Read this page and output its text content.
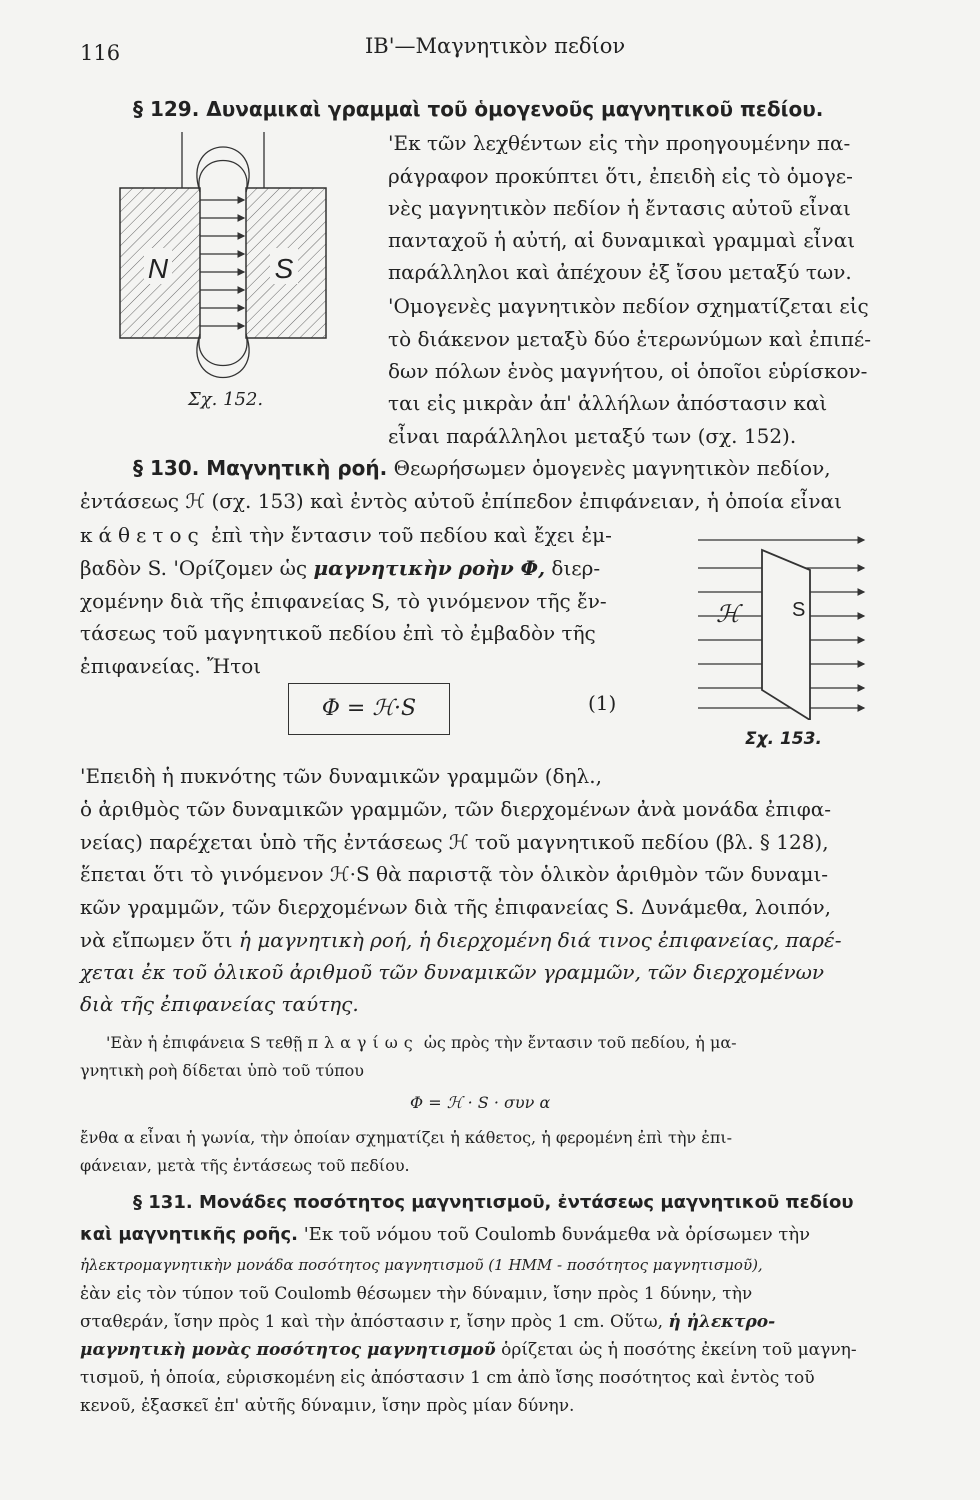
116	ΙΒ'—Μαγνητικὸν πεδίον
§ 129. Δυναμικαὶ γραμμαὶ τοῦ ὁμογενοῦς μαγνητικοῦ πεδίου.
'Εκ τῶν λεχθέντων εἰς τὴν προηγουμένην πα-
ράγραφον προκύπτει ὅτι, ἐπειδὴ εἰς τὸ ὁμογε-
νὲς μαγνητικὸν πεδίον ἡ ἔντασις αὐτοῦ εἶναι
πανταχοῦ ἡ αὐτή, αἱ δυναμικαὶ γραμμαὶ εἶναι
παράλληλοι καὶ ἀπέχουν ἐξ ἴσου μεταξύ των.
'Ομογενὲς μαγνητικὸν πεδίον σχηματίζεται εἰς
τὸ διάκενον μεταξὺ δύο ἑτερωνύμων καὶ ἐπιπέ-
δων πόλων ἑνὸς μαγνήτου, οἱ ὁποῖοι εὑρίσκον-
ται εἰς μικρὰν ἀπ' ἀλλήλων ἀπόστασιν καὶ
εἶναι παράλληλοι μεταξύ των (σχ. 152).
N	S
Σχ. 152.
§ 130. Μαγνητικὴ ροή. Θεωρήσωμεν ὁμογενὲς μαγνητικὸν πεδίον,
ἐντάσεως ℋ (σχ. 153) καὶ ἐντὸς αὐτοῦ ἐπίπεδον ἐπιφάνειαν, ἡ ὁποία εἶναι
κάθετος ἐπὶ τὴν ἔντασιν τοῦ πεδίου καὶ ἔχει ἐμ-
βαδὸν S. 'Ορίζομεν ὡς μαγνητικὴν ροὴν Φ, διερ-
χομένην διὰ τῆς ἐπιφανείας S, τὸ γινόμενον τῆς ἔν-
τάσεως τοῦ μαγνητικοῦ πεδίου ἐπὶ τὸ ἐμβαδὸν τῆς
ἐπιφανείας. Ἤτοι
Φ = ℋ·S	(1)
ℋ	S
Σχ. 153.
'Επειδὴ ἡ πυκνότης τῶν δυναμικῶν γραμμῶν (δηλ.,
ὁ ἀριθμὸς τῶν δυναμικῶν γραμμῶν, τῶν διερχομένων ἀνὰ μονάδα ἐπιφα-
νείας) παρέχεται ὑπὸ τῆς ἐντάσεως ℋ τοῦ μαγνητικοῦ πεδίου (βλ. § 128),
ἕπεται ὅτι τὸ γινόμενον ℋ·S θὰ παριστᾷ τὸν ὁλικὸν ἀριθμὸν τῶν δυναμι-
κῶν γραμμῶν, τῶν διερχομένων διὰ τῆς ἐπιφανείας S. Δυνάμεθα, λοιπόν,
νὰ εἴπωμεν ὅτι ἡ μαγνητικὴ ροή, ἡ διερχομένη διά τινος ἐπιφανείας, παρέ-
χεται ἐκ τοῦ ὁλικοῦ ἀριθμοῦ τῶν δυναμικῶν γραμμῶν, τῶν διερχομένων
διὰ τῆς ἐπιφανείας ταύτης.
'Εὰν ἡ ἐπιφάνεια S τεθῇ πλαγίως ὡς πρὸς τὴν ἔντασιν τοῦ πεδίου, ἡ μα-
γνητικὴ ροὴ δίδεται ὑπὸ τοῦ τύπου
Φ = ℋ · S · συν α
ἔνθα α εἶναι ἡ γωνία, τὴν ὁποίαν σχηματίζει ἡ κάθετος, ἡ φερομένη ἐπὶ τὴν ἐπι-
φάνειαν, μετὰ τῆς ἐντάσεως τοῦ πεδίου.
§ 131. Μονάδες ποσότητος μαγνητισμοῦ, ἐντάσεως μαγνητικοῦ πεδίου
καὶ μαγνητικῆς ροῆς. 'Εκ τοῦ νόμου τοῦ Coulomb δυνάμεθα νὰ ὁρίσωμεν τὴν
ἠλεκτρομαγνητικὴν μονάδα ποσότητος μαγνητισμοῦ (1 ΗΜΜ - ποσότητος μαγνητισμοῦ),
ἐὰν εἰς τὸν τύπον τοῦ Coulomb θέσωμεν τὴν δύναμιν, ἴσην πρὸς 1 δύνην, τὴν
σταθεράν, ἴσην πρὸς 1 καὶ τὴν ἀπόστασιν r, ἴσην πρὸς 1 cm. Οὕτω, ἡ ἠλεκτρο-
μαγνητικὴ μονὰς ποσότητος μαγνητισμοῦ ὁρίζεται ὡς ἡ ποσότης ἐκείνη τοῦ μαγνη-
τισμοῦ, ἡ ὁποία, εὑρισκομένη εἰς ἀπόστασιν 1 cm ἀπὸ ἴσης ποσότητος καὶ ἐντὸς τοῦ
κενοῦ, ἐξασκεῖ ἐπ' αὐτῆς δύναμιν, ἴσην πρὸς μίαν δύνην.
